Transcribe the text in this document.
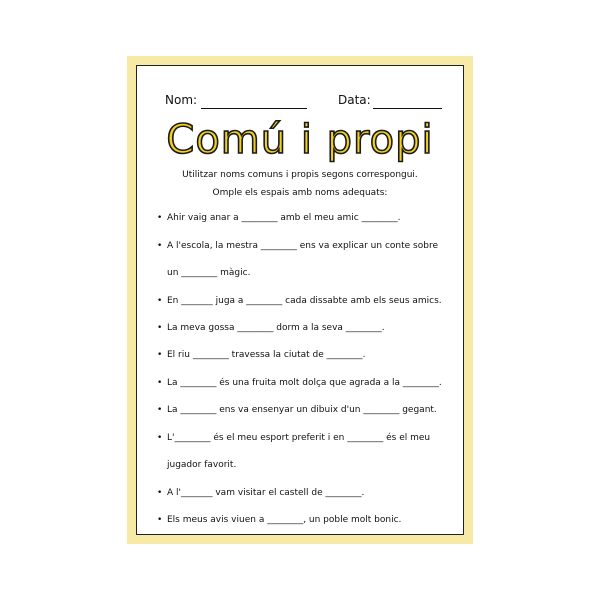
Nom:	Data:
Comú i propi
Utilitzar noms comuns i propis segons correspongui.
Omple els espais amb noms adequats:
• Ahir vaig anar a ________ amb el meu amic ________.
• A l'escola, la mestra ________ ens va explicar un conte sobre
un ________ màgic.
• En _______ juga a ________ cada dissabte amb els seus amics.
• La meva gossa ________ dorm a la seva ________.
• El riu ________ travessa la ciutat de ________.
• La ________ és una fruita molt dolça que agrada a la ________.
• La ________ ens va ensenyar un dibuix d'un ________ gegant.
• L'________ és el meu esport preferit i en ________ és el meu
jugador favorit.
• A l'_______ vam visitar el castell de ________.
• Els meus avis viuen a ________, un poble molt bonic.
